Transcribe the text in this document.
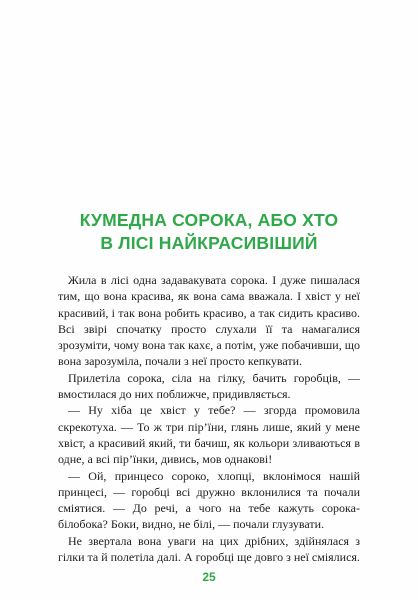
КУМЕДНА СОРОКА, АБО ХТО
В ЛІСІ НАЙКРАСИВІШИЙ

Жила в лісі одна задавакувата сорока. І дуже пишалася тим, що вона красива, як вона сама вважала. І хвіст у неї красивий, і так вона робить красиво, а так сидить красиво. Всі звірі спочатку просто слухали її та намагалися зрозуміти, чому вона так кахє, а потім, уже побачивши, що вона зарозуміла, почали з неї просто кепкувати.

Прилетіла сорока, сіла на гілку, бачить горобців, — вмостилася до них поближче, придивляється.

— Ну хіба це хвіст у тебе? — згорда промовила скрекотуха. — То ж три пір’їни, глянь лише, який у мене хвіст, а красивий який, ти бачиш, як кольори зливаються в одне, а всі пір’їнки, дивись, мов однакові!

— Ой, принцесо сороко, хлопці, вклонімося нашій принцесі, — горобці всі дружно вклонилися та почали сміятися. — До речі, а чого на тебе кажуть сорока-білобока? Боки, видно, не білі, — почали глузувати.

Не звертала вона уваги на цих дрібних, здійнялася з гілки та й полетіла далі. А горобці ще довго з неї сміялися.

25
